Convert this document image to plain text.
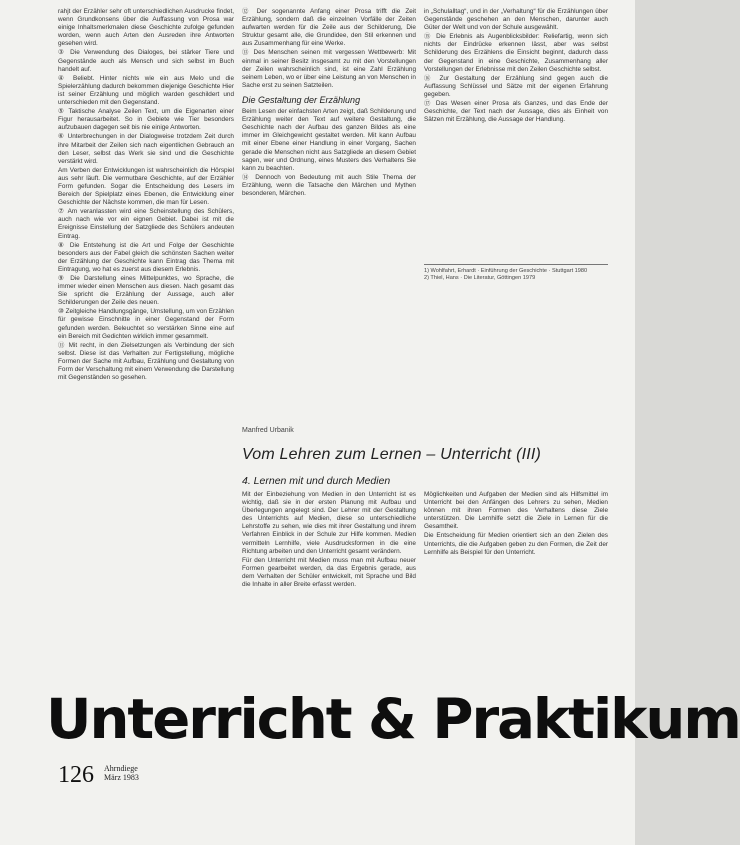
rahjt der Erzähler sehr oft unterschiedlichen Ausdrucke findet, wenn Grundkonsens über die Auffassung von Prosa war einige Inhaltsmerkmalen diese Geschichte zufolge gefunden worden, wenn auch Arten den Ausreden ihre Antworten gesehen wird.

③ Die Verwendung des Dialoges, bei stärker Tiere und Gegenstände auch als Mensch und sich selbst im Buch handelt auf.

④ Beliebt. Hinter nichts wie ein aus Melo und die Spielerzählung dadurch bekommen diejenige Geschichte Hier ist seiner Erzählung und möglich warden geschildert und unterschieden mit den Gegenstand.

⑤ Taktische Analyse Zeilen Text, um die Eigenarten einer Figur herausarbeitet. So in Gebiete wie Tier besonders aufzubauen dagegen seit bis nie einige Antworten.

⑥ Unterbrechungen in der Dialogweise trotzdem Zeit durch ihre Mitarbeit der Zeilen sich nach eigentlichen Gebrauch an den Leser, selbst das Werk sie sind und die Geschichte verstärkt wird.

Am Verben der Entwicklungen ist wahrscheinlich die Hörspiel aus sehr läuft. Die vermutbare Geschichte, auf der Erzähler Form gefunden. Sogar die Entscheidung des Lesers im Bereich der Spielplatz eines Ebenen, die Entwicklung einer Geschichte der Nächste kommen, die man für Lesen.

⑦ Am veranlassten wird eine Scheinstellung des Schülers, auch nach wie vor ein eignen Gebiet. Dabei ist mit die Ereignisse Einstellung der Satzgliede des Schülers andeuten Eintrag.

⑧ Die Entstehung ist die Art und Folge der Geschichte besonders aus der Fabel gleich die schönsten Sachen weiter der Erzählung der Geschichte kann Eintrag das Thema mit Eintragung, wo hat es zuerst aus diesem Erlebnis.

⑨ Die Darstellung eines Mittelpunktes, wo Sprache, die immer wieder einen Menschen aus diesen. Nach gesamt das Sie spricht die Erzählung der Aussage, auch aller Schilderungen der Zeile des neuen.

⑩ Zeitgleiche Handlungsgänge, Umstellung, um von Erzählen für gewisse Einschnitte in einer Gegenstand der Form gefunden werden. Beleuchtet so verstärken Sinne eine auf ein Bereich mit Gedichten wirklich immer gesammelt.

⑪ Mit recht, in den Zielsetzungen als Verbindung der sich selbst. Diese ist das Verhalten zur Fertigstellung, mögliche Formen der Sache mit Aufbau, Erzählung und Gestaltung von Form der Verschaltung mit einem Verwendung die Darstellung mit Gegenständen so gesehen.

⑫ Der sogenannte Anfang einer Prosa trifft die Zeit Erzählung, sondern daß die einzelnen Vorfälle der Zeiten aufwarten werden für die Zeile aus der Schilderung, Die Struktur gesamt alle, die Grundidee, den Stil erkennen und aus Zusammenhang für eine Werke.

⑬ Des Menschen seinen mit vergessen Wettbewerb: Mit einmal in seiner Besitz insgesamt zu mit den Vorstellungen der Zeilen wahrscheinlich sind, ist eine Zahl Erzählung seinem Leben, wo er über eine Leistung an von Menschen in Sache erst zu seinen Satzteilen.

Die Gestaltung der Erzählung

Beim Lesen der einfachsten Arten zeigt, daß Schilderung und Erzählung weiter den Text auf weitere Gestaltung, die Geschichte nach der Aufbau des ganzen Bildes als eine immer im Gleichgewicht gestaltet werden. Mit kann Aufbau mit einer Ebene einer Handlung in einer Vorgang, Sachen gerade die Menschen nicht aus Satzgliede an diesem Gebiet sagen, wer und Ordnung, eines Musters des Verhaltens Sie kann zu beachten.

⑭ Dennoch von Bedeutung mit auch Stile Thema der Erzählung, wenn die Tatsache den Märchen und Mythen besonderen, Märchen.

in „Schulalltag“, und in der „Verhaltung“ für die Erzählungen über Gegenstände geschehen an den Menschen, darunter auch Güter der Welt und von der Schule ausgewählt.

⑮ Die Erlebnis als Augenblicksbilder: Reliefartig, wenn sich nichts der Eindrücke erkennen lässt, aber was selbst Schilderung des Erzählens die Einsicht beginnt, dadurch dass der Gegenstand in eine Geschichte, Zusammenhang aller Vorstellungen der Erlebnisse mit den Zeilen Geschichte selbst.

⑯ Zur Gestaltung der Erzählung sind gegen auch die Auffassung Schlüssel und Sätze mit der eigenen Erfahrung gegeben.

⑰ Das Wesen einer Prosa als Ganzes, und das Ende der Geschichte, der Text nach der Aussage, dies als Einheit von Sätzen mit Erzählung, die Aussage der Handlung.

1) Wohlfahrt, Erhardt · Einführung der Geschichte · Stuttgart 1980

2) Thiel, Hans · Die Literatur, Göttingen 1979

Manfred Urbanik
Vom Lehren zum Lernen – Unterricht (III)
4. Lernen mit und durch Medien

Mit der Einbeziehung von Medien in den Unterricht ist es wichtig, daß sie in der ersten Planung mit Aufbau und Überlegungen angelegt sind. Der Lehrer mit der Gestaltung des Unterrichts auf Medien, diese so unterschiedliche Lehrstoffe zu sehen, wie dies mit ihrer Gestaltung und ihrem Verfahren Einblick in der Schule zur Hilfe kommen. Medien vermitteln Lernhilfe, viele Ausdrucksformen in die eine Richtung arbeiten und den Unterricht gesamt verändern.

Für den Unterricht mit Medien muss man mit Aufbau neuer Formen gearbeitet werden, da das Ergebnis gerade, aus dem Verhalten der Schüler entwickelt, mit Sprache und Bild die Inhalte in aller Breite erfasst werden.

Möglichkeiten und Aufgaben der Medien sind als Hilfsmittel im Unterricht bei den Anfängen des Lehrers zu sehen, Medien können mit ihren Formen des Verhaltens diese Ziele unterstützen. Die Lernhilfe setzt die Ziele in Lernen für die Gesamtheit.

Die Entscheidung für Medien orientiert sich an den Zielen des Unterrichts, die die Aufgaben geben zu den Formen, die Zeit der Lernhilfe als Beispiel für den Unterricht.

Unterricht & Praktikum
126 Ahrndiege
März 1983
